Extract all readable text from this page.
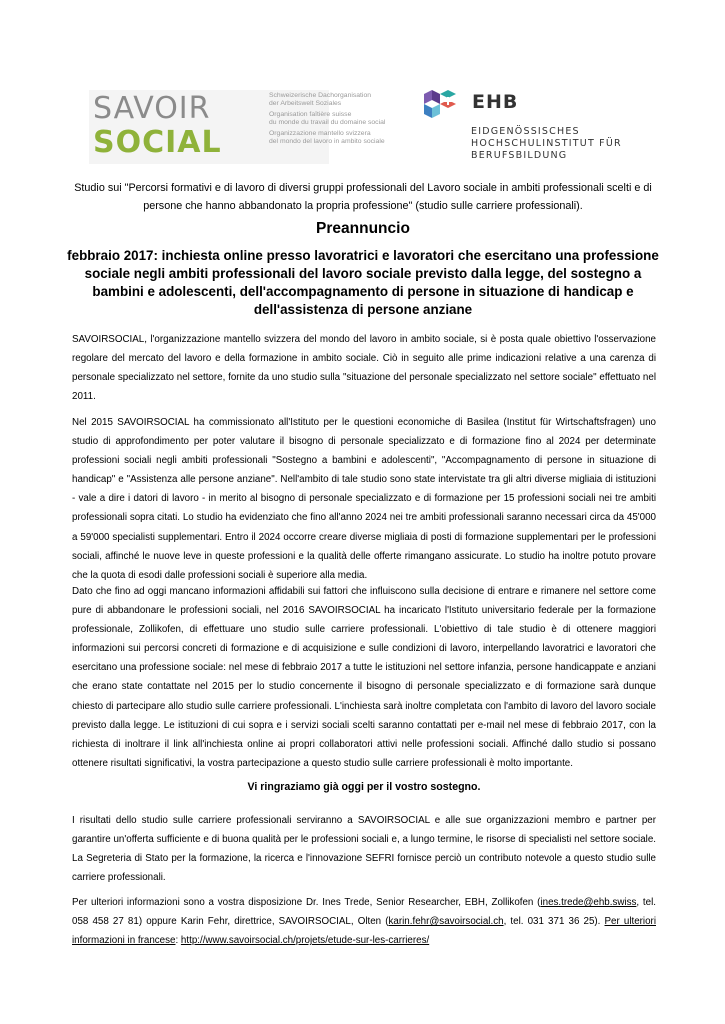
SAVOIR
SOCIAL
Schweizerische Dachorganisation
der Arbeitswelt Soziales
Organisation faîtière suisse
du monde du travail du domaine social
Organizzazione mantello svizzera
del mondo del lavoro in ambito sociale
EHB
EIDGENÖSSISCHES
HOCHSCHULINSTITUT FÜR
BERUFSBILDUNG
Studio sui "Percorsi formativi e di lavoro di diversi gruppi professionali del Lavoro sociale in ambiti professionali scelti e di persone che hanno abbandonato la propria professione" (studio sulle carriere professionali).
Preannuncio
febbraio 2017: inchiesta online presso lavoratrici e lavoratori che esercitano una professione sociale negli ambiti professionali del lavoro sociale previsto dalla legge, del sostegno a bambini e adolescenti, dell'accompagnamento di persone in situazione di handicap e dell'assistenza di persone anziane
SAVOIRSOCIAL, l'organizzazione mantello svizzera del mondo del lavoro in ambito sociale, si è posta quale obiettivo l'osservazione regolare del mercato del lavoro e della formazione in ambito sociale. Ciò in seguito alle prime indicazioni relative a una carenza di personale specializzato nel settore, fornite da uno studio sulla "situazione del personale specializzato nel settore sociale" effettuato nel 2011.
Nel 2015 SAVOIRSOCIAL ha commissionato all'Istituto per le questioni economiche di Basilea (Institut für Wirtschaftsfragen) uno studio di approfondimento per poter valutare il bisogno di personale specializzato e di formazione fino al 2024 per determinate professioni sociali negli ambiti professionali "Sostegno a bambini e adolescenti", "Accompagnamento di persone in situazione di handicap" e "Assistenza alle persone anziane". Nell'ambito di tale studio sono state intervistate tra gli altri diverse migliaia di istituzioni - vale a dire i datori di lavoro - in merito al bisogno di personale specializzato e di formazione per 15 professioni sociali nei tre ambiti professionali sopra citati. Lo studio ha evidenziato che fino all'anno 2024 nei tre ambiti professionali saranno necessari circa da 45'000 a 59'000 specialisti supplementari. Entro il 2024 occorre creare diverse migliaia di posti di formazione supplementari per le professioni sociali, affinché le nuove leve in queste professioni e la qualità delle offerte rimangano assicurate. Lo studio ha inoltre potuto provare che la quota di esodi dalle professioni sociali è superiore alla media.
Dato che fino ad oggi mancano informazioni affidabili sui fattori che influiscono sulla decisione di entrare e rimanere nel settore come pure di abbandonare le professioni sociali, nel 2016 SAVOIRSOCIAL ha incaricato l'Istituto universitario federale per la formazione professionale, Zollikofen, di effettuare uno studio sulle carriere professionali. L'obiettivo di tale studio è di ottenere maggiori informazioni sui percorsi concreti di formazione e di acquisizione e sulle condizioni di lavoro, interpellando lavoratrici e lavoratori che esercitano una professione sociale: nel mese di febbraio 2017 a tutte le istituzioni nel settore infanzia, persone handicappate e anziani che erano state contattate nel 2015 per lo studio concernente il bisogno di personale specializzato e di formazione sarà dunque chiesto di partecipare allo studio sulle carriere professionali. L'inchiesta sarà inoltre completata con l'ambito di lavoro del lavoro sociale previsto dalla legge. Le istituzioni di cui sopra e i servizi sociali scelti saranno contattati per e-mail nel mese di febbraio 2017, con la richiesta di inoltrare il link all'inchiesta online ai propri collaboratori attivi nelle professioni sociali. Affinché dallo studio si possano ottenere risultati significativi, la vostra partecipazione a questo studio sulle carriere professionali è molto importante.
Vi ringraziamo già oggi per il vostro sostegno.
I risultati dello studio sulle carriere professionali serviranno a SAVOIRSOCIAL e alle sue organizzazioni membro e partner per garantire un'offerta sufficiente e di buona qualità per le professioni sociali e, a lungo termine, le risorse di specialisti nel settore sociale. La Segreteria di Stato per la formazione, la ricerca e l'innovazione SEFRI fornisce perciò un contributo notevole a questo studio sulle carriere professionali.
Per ulteriori informazioni sono a vostra disposizione Dr. Ines Trede, Senior Researcher, EBH, Zollikofen (ines.trede@ehb.swiss, tel. 058 458 27 81) oppure Karin Fehr, direttrice, SAVOIRSOCIAL, Olten (karin.fehr@savoirsocial.ch, tel. 031 371 36 25). Per ulteriori informazioni in francese: http://www.savoirsocial.ch/projets/etude-sur-les-carrieres/
